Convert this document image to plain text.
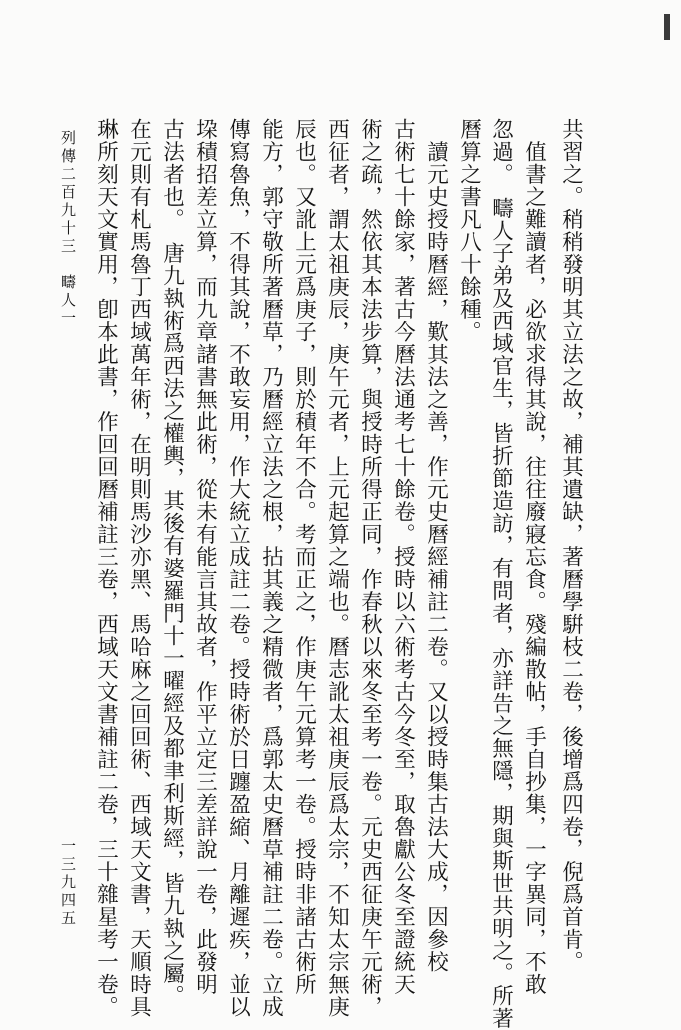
共習之。稍稍發明其立法之故，補其遺缺，著曆學騈枝二卷，後增爲四卷，倪爲首肯。
　值書之難讀者，必欲求得其說，往往廢寢忘食。殘編散帖，手自抄集，一字異同，不敢
忽過。　疇人子弟及西域官生，皆折節造訪，有問者，亦詳告之無隱，期與斯世共明之。所著
曆算之書凡八十餘種。
　讀元史授時曆經，歎其法之善，作元史曆經補註二卷。又以授時集古法大成，因參校
古術七十餘家，著古今曆法通考七十餘卷。授時以六術考古今冬至，取魯獻公冬至證統天
術之疏，然依其本法步算，與授時所得正同，作春秋以來冬至考一卷。元史西征庚午元術，
西征者，謂太祖庚辰，庚午元者，上元起算之端也。曆志訛太祖庚辰爲太宗，不知太宗無庚
辰也。又訛上元爲庚子，則於積年不合。考而正之，作庚午元算考一卷。授時非諸古術所
能方，郭守敬所著曆草，乃曆經立法之根，拈其義之精微者，爲郭太史曆草補註二卷。立成
傳寫魯魚，不得其說，不敢妄用，作大統立成註二卷。授時術於日躔盈縮、月離遲疾，並以
垜積招差立算，而九章諸書無此術，從未有能言其故者，作平立定三差詳說一卷，此發明
古法者也。　唐九執術爲西法之權輿，其後有婆羅門十一曜經及都聿利斯經，皆九執之屬。
在元則有札馬魯丁西域萬年術，在明則馬沙亦黑、馬哈麻之回回術、西域天文書，天順時具
琳所刻天文實用，卽本此書，作回回曆補註三卷，西域天文書補註二卷，三十雜星考一卷。
列傳二百九十三　疇人一
一三九四五
